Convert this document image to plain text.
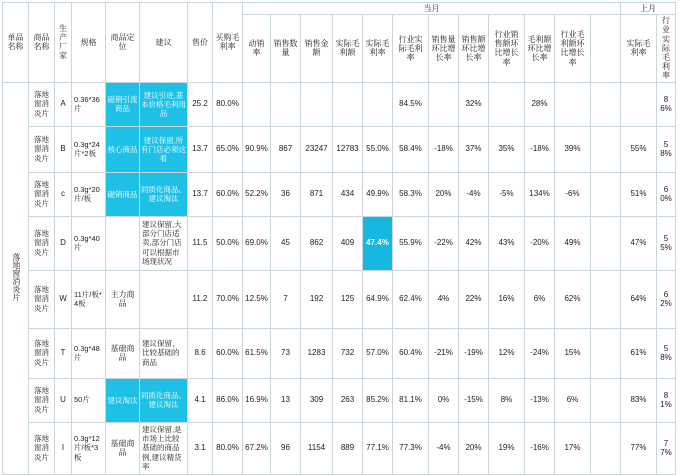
单品名称	商品名称	生产厂家	规格	商品定位	建议	售价	买购毛利率	当月												上月	
								动销率	销售数量	销售金额	实际毛利额	实际毛利率	行业实际毛利率	销售量环比增长率	销售额环比增长率	行业销售额环比增长率	毛利额环比增长率	行业毛利额环比增长率		实际毛利率	行业实际毛利率
落地窗消炎片	落地窗消炎片	A	0.36*36片	磁销引流商品	建议引进,基本价格毛利用品	25.2	80.0%						84.5%		32%		28%				86%
	落地窗消炎片	B	0.3g*24片*2板	核心商品	建议保留,所有门店必须这看	13.7	65.0%	90.9%	867	23247	12783	55.0%	58.4%	-18%	37%	35%	-18%	39%		55%	58%
	落地窗消炎片	c	0.3g*20片/板	磁销商品	同质化商品、建议淘汰	13.7	60.0%	52.2%	36	871	434	49.9%	58.3%	20%	-4%	-5%	134%	-6%		51%	60%
	落地窗消炎片	D	0.3g*40片		建议保留,大部分门店适卖,部分门店可以根据市场现状况	11.5	50.0%	69.0%	45	862	409	47.4%	55.9%	-22%	42%	43%	-20%	49%		47%	55%
	落地窗消炎片	W	11片/板*4板	主力商品		11.2	70.0%	12.5%	7	192	125	64.9%	62.4%	4%	22%	16%	6%	62%		64%	62%
	落地窗消炎片	T	0.3g*48片	基础商品	建议保留、比较基础的商品	8.6	60.0%	61.5%	73	1283	732	57.0%	60.4%	-21%	-19%	12%	-24%	15%		61%	58%
	落地窗消炎片	U	50片	建议淘汰	同质化商品、建议淘汰	4.1	86.0%	16.9%	13	309	263	85.2%	81.1%	0%	-15%	8%	-13%	6%		83%	81%
	落地窗消炎片	I	0.3g*12片/板*3板	基础商品	建议保留,是市场上比较基础的商品例,建议精货率	3.1	80.0%	67.2%	96	1154	889	77.1%	77.3%	-4%	20%	19%	-16%	17%		77%	77%
